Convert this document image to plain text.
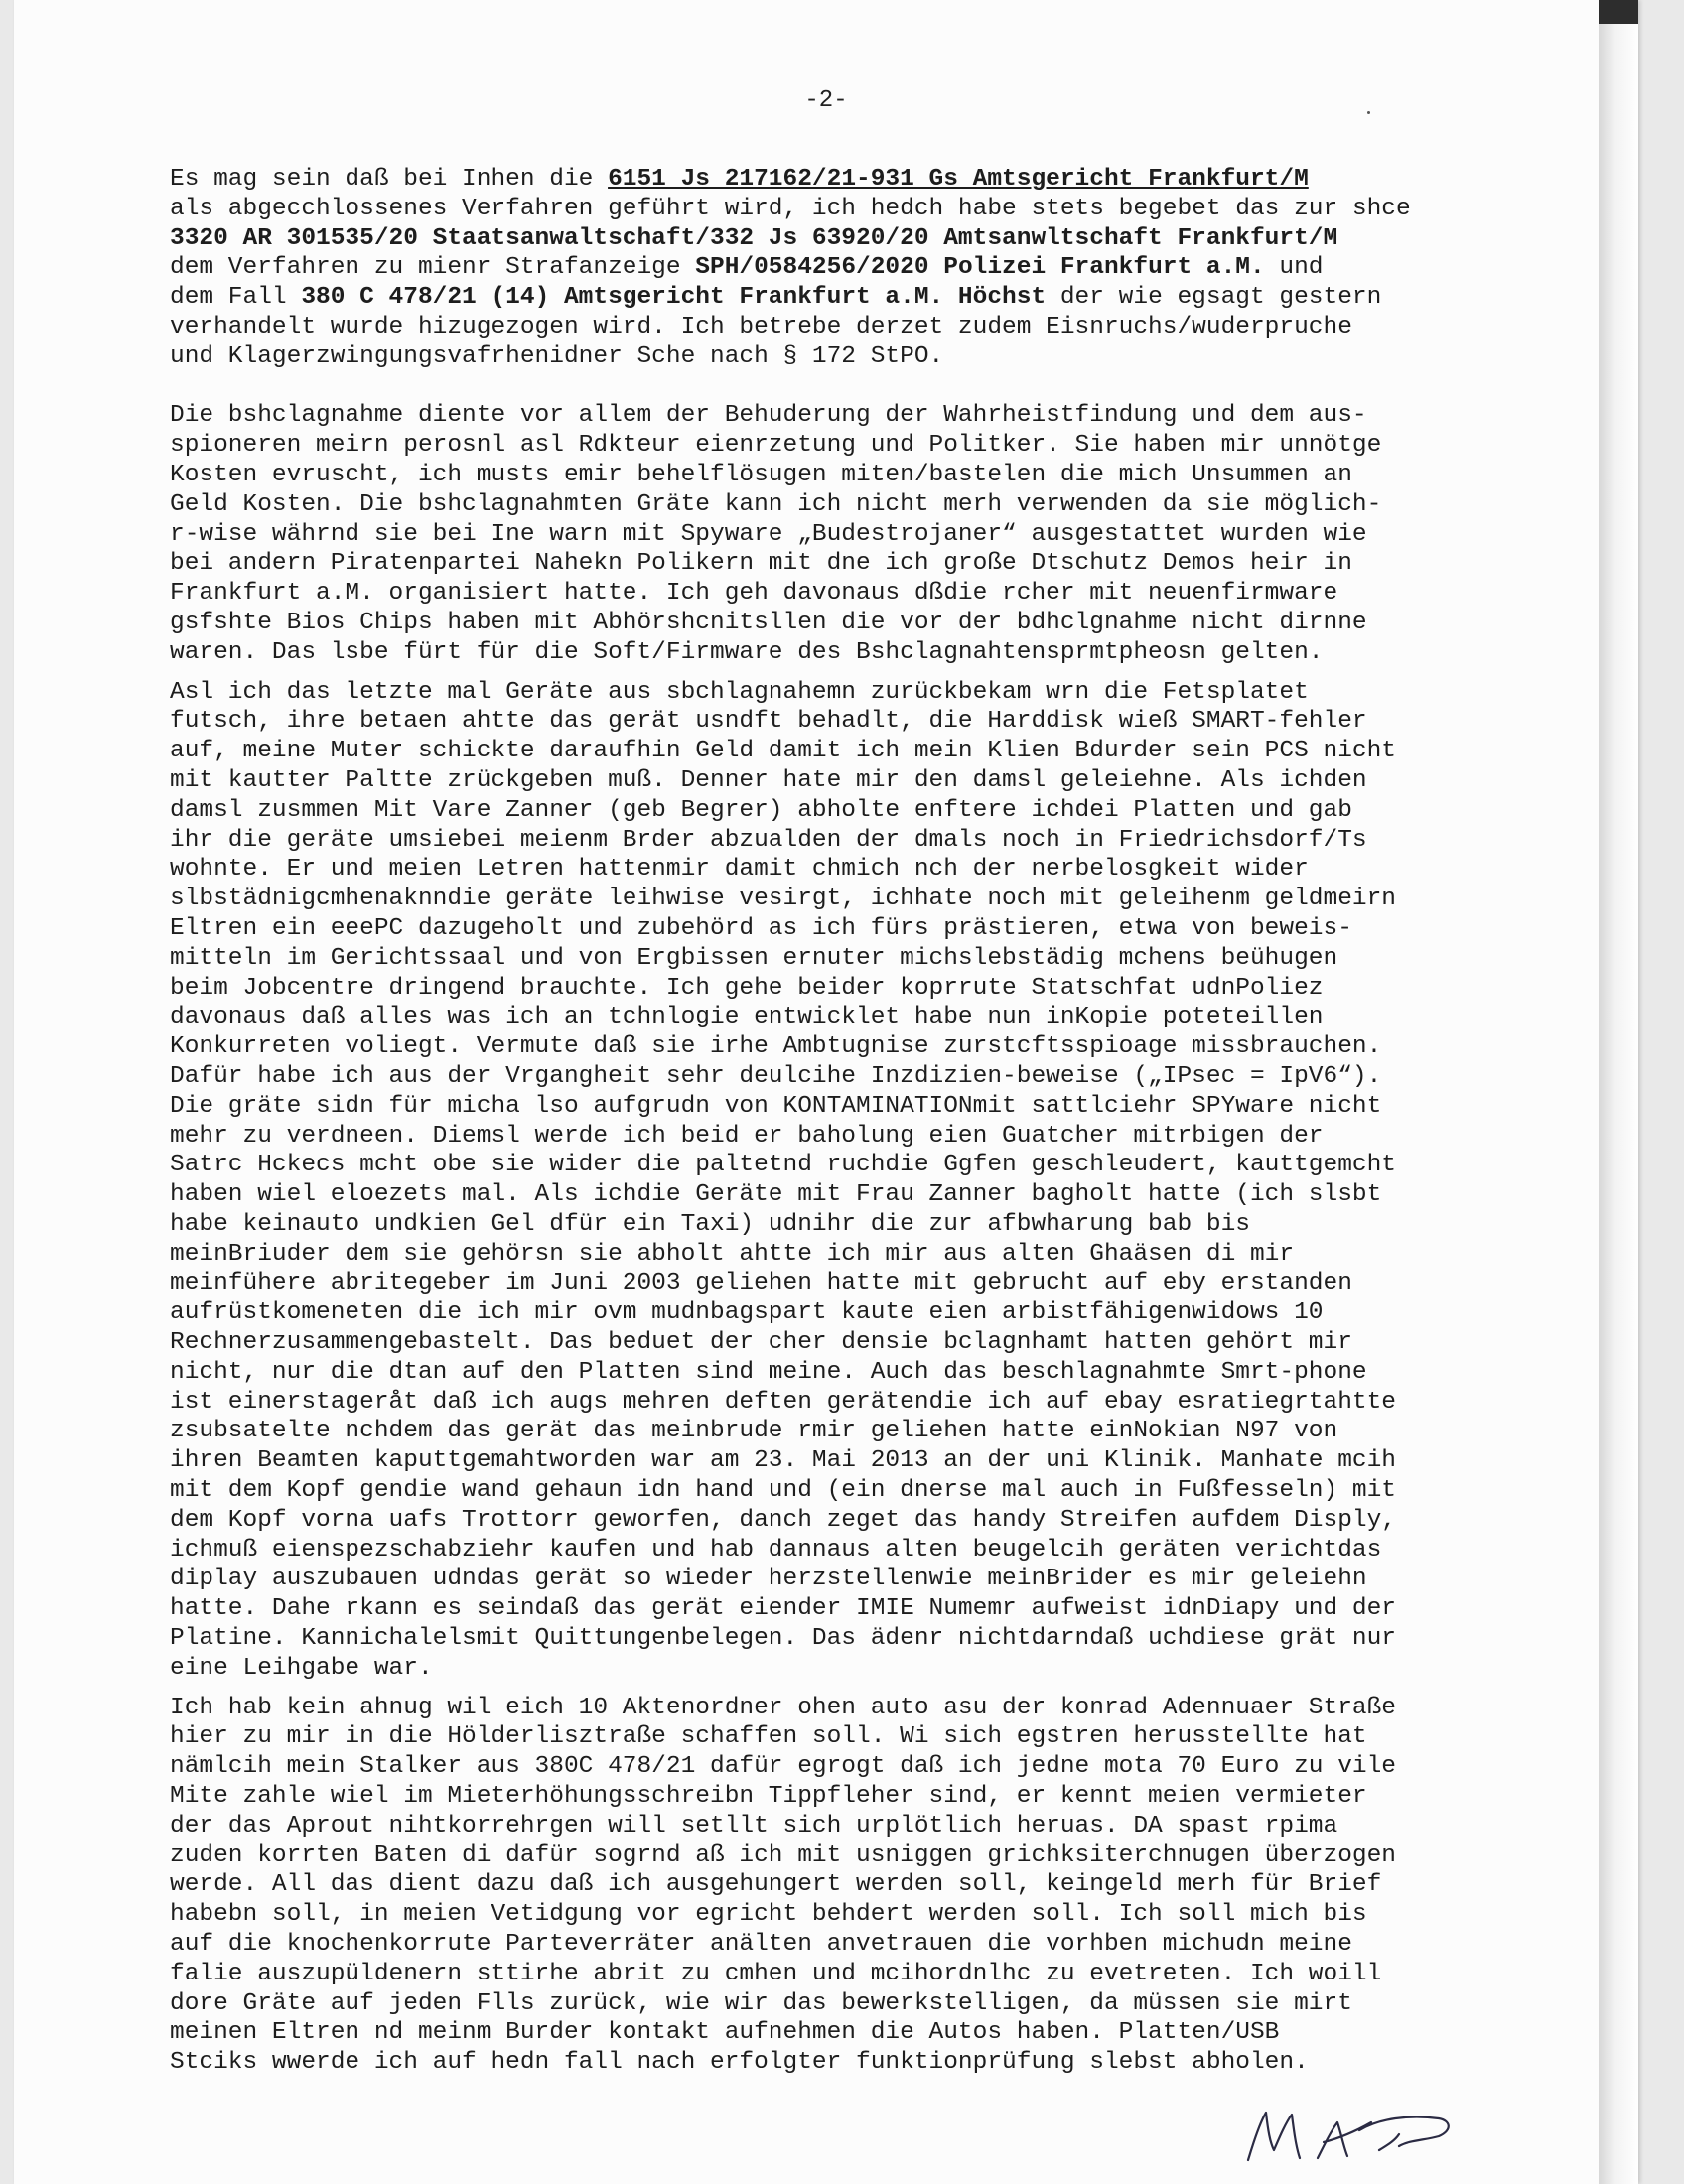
-2-

Es mag sein daß bei Inhen die 6151 Js 217162/21-931 Gs Amtsgericht Frankfurt/M
als abgecchlossenes Verfahren geführt wird, ich hedch habe stets begebet das zur shce
3320 AR 301535/20 Staatsanwaltschaft/332 Js 63920/20 Amtsanwltschaft Frankfurt/M
dem Verfahren zu mienr Strafanzeige SPH/0584256/2020 Polizei Frankfurt a.M. und
dem Fall 380 C 478/21 (14) Amtsgericht Frankfurt a.M. Höchst der wie egsagt gestern
verhandelt wurde hizugezogen wird. Ich betrebe derzet zudem Eisnruchs/wuderpruche
und Klagerzwingungsvafrhenidner Sche nach § 172 StPO.

Die bshclagnahme diente vor allem der Behuderung der Wahrheistfindung und dem aus-
spioneren meirn perosnl asl Rdkteur eienrzetung und Politker. Sie haben mir unnötge
Kosten evruscht, ich musts emir behelflösugen miten/bastelen die mich Unsummen an
Geld Kosten. Die bshclagnahmten Gräte kann ich nicht merh verwenden da sie möglich-
r-wise währnd sie bei Ine warn mit Spyware „Budestrojaner“ ausgestattet wurden wie
bei andern Piratenpartei Nahekn Polikern mit dne ich große Dtschutz Demos heir in
Frankfurt a.M. organisiert hatte. Ich geh davonaus dßdie rcher mit neuenfirmware
gsfshte Bios Chips haben mit Abhörshcnitsllen die vor der bdhclgnahme nicht dirnne
waren. Das lsbe fürt für die Soft/Firmware des Bshclagnahtensprmtpheosn gelten.

Asl ich das letzte mal Geräte aus sbchlagnahemn zurückbekam wrn die Fetsplatet
futsch, ihre betaen ahtte das gerät usndft behadlt, die Harddisk wieß SMART-fehler
auf, meine Muter schickte daraufhin Geld damit ich mein Klien Bdurder sein PCS nicht
mit kautter Paltte zrückgeben muß. Denner hate mir den damsl geleiehne. Als ichden
damsl zusmmen Mit Vare Zanner (geb Begrer) abholte enftere ichdei Platten und gab
ihr die geräte umsiebei meienm Brder abzualden der dmals noch in Friedrichsdorf/Ts
wohnte. Er und meien Letren hattenmir damit chmich nch der nerbelosgkeit wider
slbstädnigcmhenaknndie geräte leihwise vesirgt, ichhate noch mit geleihenm geldmeirn
Eltren ein eeePC dazugeholt und zubehörd as ich fürs prästieren, etwa von beweis-
mitteln im Gerichtssaal und von Ergbissen ernuter michslebstädig mchens beühugen
beim Jobcentre dringend brauchte. Ich gehe beider koprrute Statschfat udnPoliez
davonaus daß alles was ich an tchnlogie entwicklet habe nun inKopie poteteillen
Konkurreten voliegt. Vermute daß sie irhe Ambtugnise zurstcftsspioage missbrauchen.
Dafür habe ich aus der Vrgangheit sehr deulcihe Inzdizien-beweise („IPsec = IpV6“).
Die gräte sidn für micha lso aufgrudn von KONTAMINATIONmit sattlciehr SPYware nicht
mehr zu verdneen. Diemsl werde ich beid er baholung eien Guatcher mitrbigen der
Satrc Hckecs mcht obe sie wider die paltetnd ruchdie Ggfen geschleudert, kauttgemcht
haben wiel eloezets mal. Als ichdie Geräte mit Frau Zanner bagholt hatte (ich slsbt
habe keinauto undkien Gel dfür ein Taxi) udnihr die zur afbwharung bab bis
meinBriuder dem sie gehörsn sie abholt ahtte ich mir aus alten Ghaäsen di mir
meinfühere abritegeber im Juni 2003 geliehen hatte mit gebrucht auf eby erstanden
aufrüstkomeneten die ich mir ovm mudnbagspart kaute eien arbistfähigenwidows 10
Rechnerzusammengebastelt. Das beduet der cher densie bclagnhamt hatten gehört mir
nicht, nur die dtan auf den Platten sind meine. Auch das beschlagnahmte Smrt-phone
ist einerstageråt daß ich augs mehren deften gerätendie ich auf ebay esratiegrtahtte
zsubsatelte nchdem das gerät das meinbrude rmir geliehen hatte einNokian N97 von
ihren Beamten kaputtgemahtworden war am 23. Mai 2013 an der uni Klinik. Manhate mcih
mit dem Kopf gendie wand gehaun idn hand und (ein dnerse mal auch in Fußfesseln) mit
dem Kopf vorna uafs Trottorr geworfen, danch zeget das handy Streifen aufdem Disply,
ichmuß eienspezschabziehr kaufen und hab dannaus alten beugelcih geräten verichtdas
diplay auszubauen udndas gerät so wieder herzstellenwie meinBrider es mir geleiehn
hatte. Dahe rkann es seindaß das gerät eiender IMIE Numemr aufweist idnDiapy und der
Platine. Kannichalelsmit Quittungenbelegen. Das ädenr nichtdarndaß uchdiese grät nur
eine Leihgabe war.

Ich hab kein ahnug wil eich 10 Aktenordner ohen auto asu der konrad Adennuaer Straße
hier zu mir in die Hölderlisztraße schaffen soll. Wi sich egstren herusstellte hat
nämlcih mein Stalker aus 380C 478/21 dafür egrogt daß ich jedne mota 70 Euro zu vile
Mite zahle wiel im Mieterhöhungsschreibn Tippfleher sind, er kennt meien vermieter
der das Aprout nihtkorrehrgen will setllt sich urplötlich heruas. DA spast rpima
zuden korrten Baten di dafür sogrnd aß ich mit usniggen grichksiterchnugen überzogen
werde. All das dient dazu daß ich ausgehungert werden soll, keingeld merh für Brief
habebn soll, in meien Vetidgung vor egricht behdert werden soll. Ich soll mich bis
auf die knochenkorrute Parteverräter anälten anvetrauen die vorhben michudn meine
falie auszupüldenern sttirhe abrit zu cmhen und mcihordnlhc zu evetreten. Ich woill
dore Gräte auf jeden Flls zurück, wie wir das bewerkstelligen, da müssen sie mirt
meinen Eltren nd meinm Burder kontakt aufnehmen die Autos haben. Platten/USB
Stciks wwerde ich auf hedn fall nach erfolgter funktionprüfung slebst abholen.
